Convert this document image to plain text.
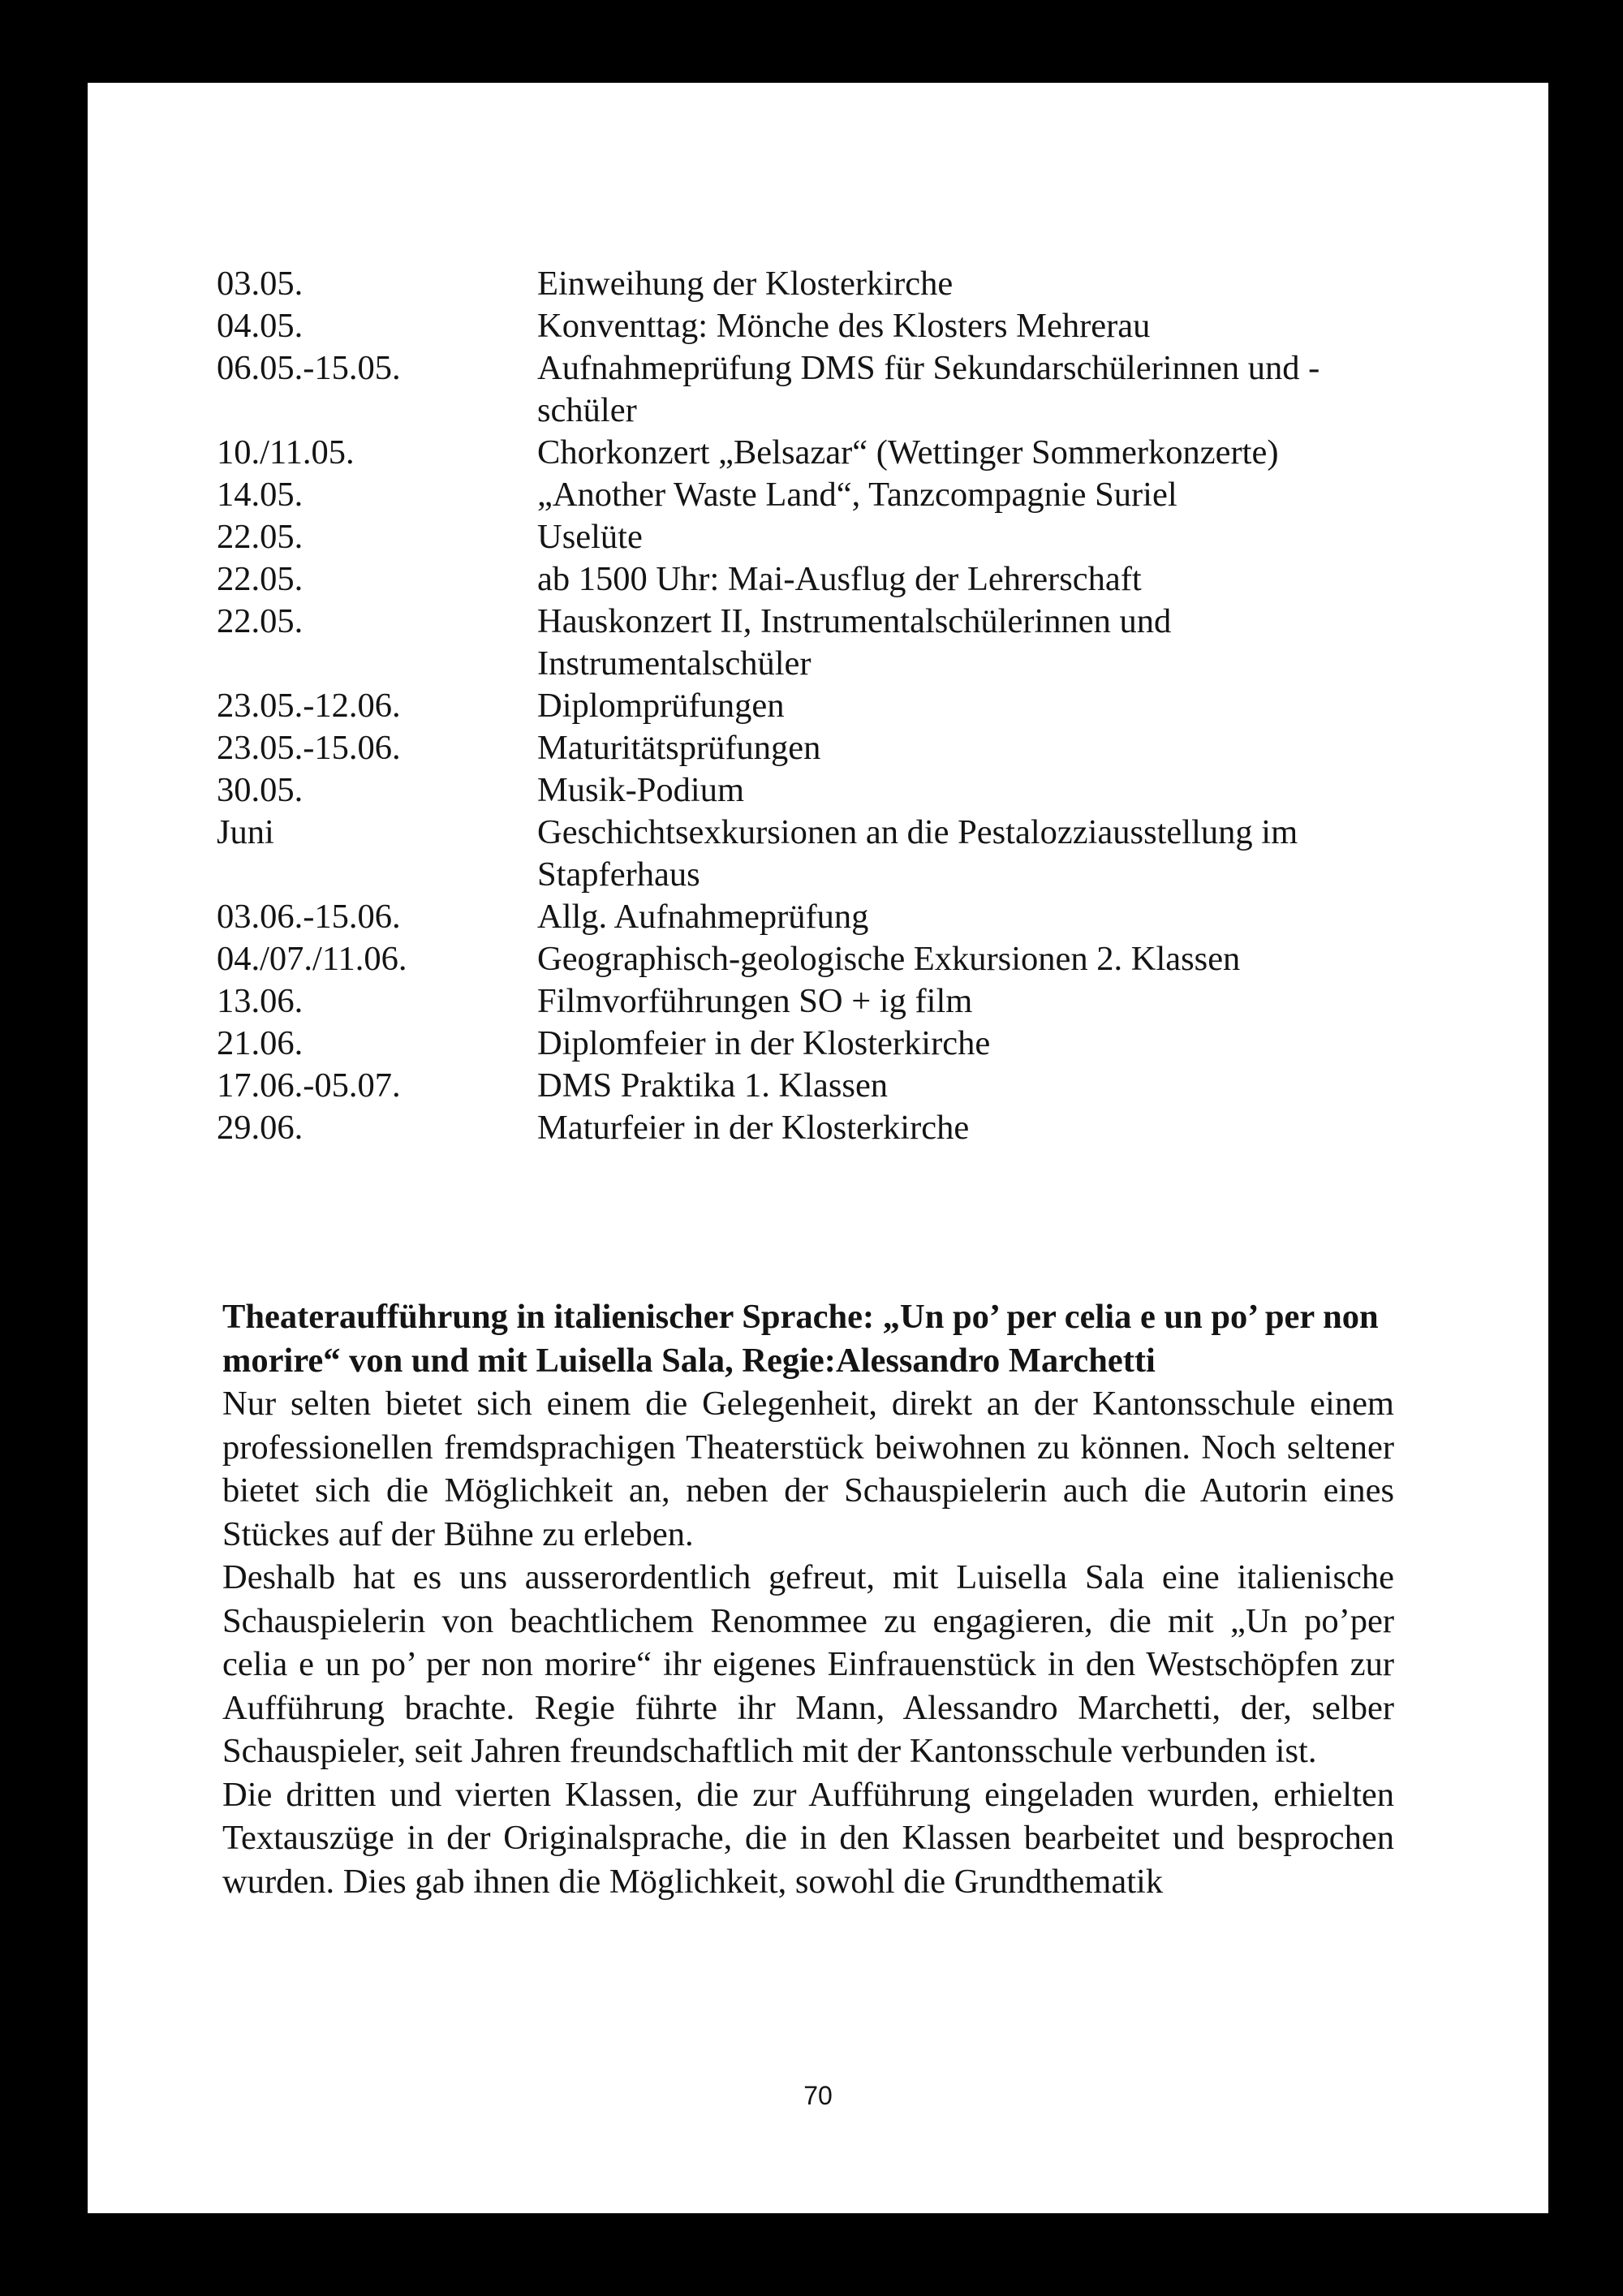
03.05.	Einweihung der Klosterkirche
04.05.	Konventtag: Mönche des Klosters Mehrerau
06.05.-15.05.	Aufnahmeprüfung DMS für Sekundarschülerinnen und -schüler
10./11.05.	Chorkonzert „Belsazar“ (Wettinger Sommerkonzerte)
14.05.	„Another Waste Land“, Tanzcompagnie Suriel
22.05.	Uselüte
22.05.	ab 1500 Uhr: Mai-Ausflug der Lehrerschaft
22.05.	Hauskonzert II, Instrumentalschülerinnen und Instrumentalschüler
23.05.-12.06.	Diplomprüfungen
23.05.-15.06.	Maturitätsprüfungen
30.05.	Musik-Podium
Juni	Geschichtsexkursionen an die Pestalozziausstellung im Stapferhaus
03.06.-15.06.	Allg. Aufnahmeprüfung
04./07./11.06.	Geographisch-geologische Exkursionen 2. Klassen
13.06.	Filmvorführungen SO + ig film
21.06.	Diplomfeier in der Klosterkirche
17.06.-05.07.	DMS Praktika 1. Klassen
29.06.	Maturfeier in der Klosterkirche

Theateraufführung in italienischer Sprache: „Un po’ per celia e un po’ per non morire“ von und mit Luisella Sala, Regie:Alessandro Marchetti

Nur selten bietet sich einem die Gelegenheit, direkt an der Kantonsschule einem professionellen fremdsprachigen Theaterstück beiwohnen zu können. Noch seltener bietet sich die Möglichkeit an, neben der Schauspielerin auch die Autorin eines Stückes auf der Bühne zu erleben.

Deshalb hat es uns ausserordentlich gefreut, mit Luisella Sala eine italienische Schauspielerin von beachtlichem Renommee zu engagieren, die mit „Un po’per celia e un po’ per non morire“ ihr eigenes Einfrauenstück in den Westschöpfen zur Aufführung brachte. Regie führte ihr Mann, Alessandro Marchetti, der, selber Schauspieler, seit Jahren freundschaftlich mit der Kantonsschule verbunden ist.

Die dritten und vierten Klassen, die zur Aufführung eingeladen wurden, erhielten Textauszüge in der Originalsprache, die in den Klassen bearbeitet und besprochen wurden. Dies gab ihnen die Möglichkeit, sowohl die Grundthematik

70
